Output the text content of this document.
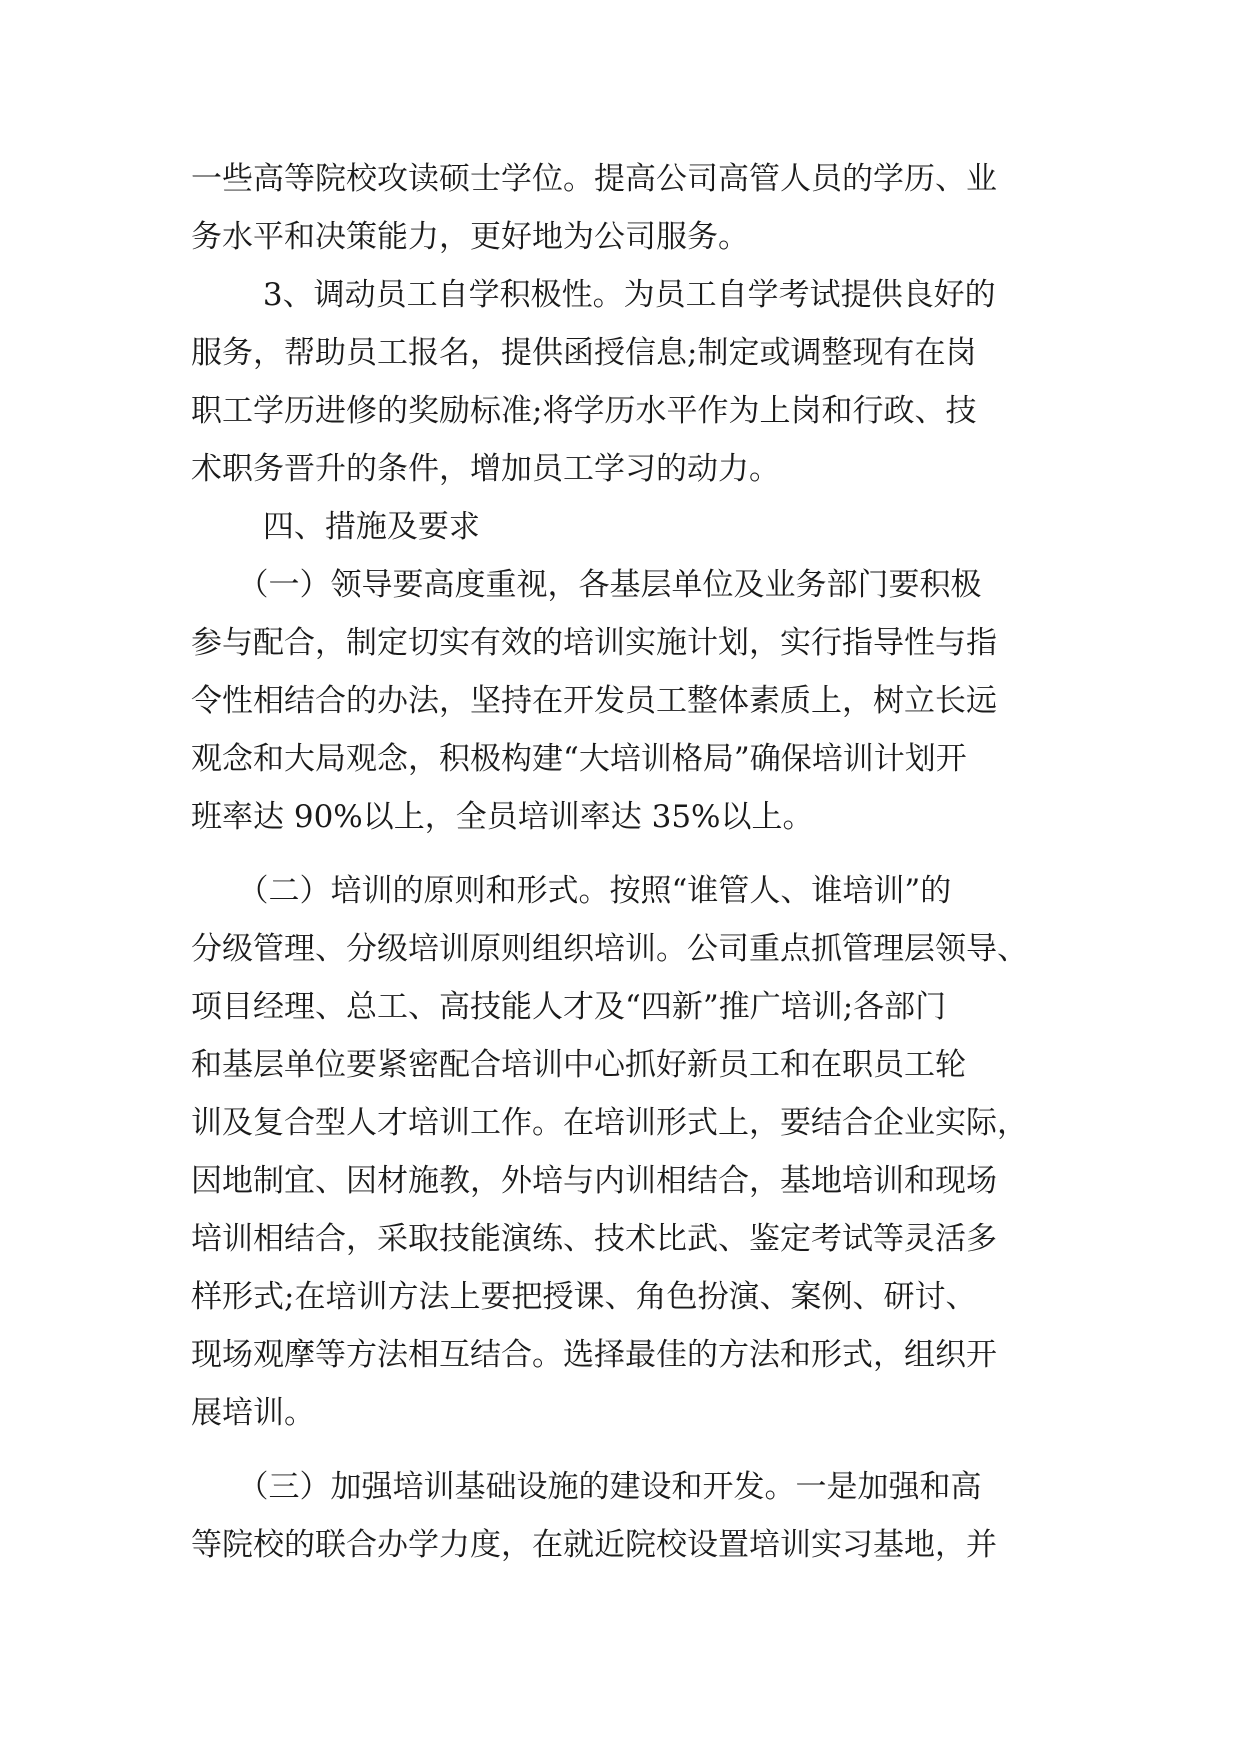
一些高等院校攻读硕士学位。提高公司高管人员的学历、业
务水平和决策能力，更好地为公司服务。
　　 3、调动员工自学积极性。为员工自学考试提供良好的
服务，帮助员工报名，提供函授信息;制定或调整现有在岗
职工学历进修的奖励标准;将学历水平作为上岗和行政、技
术职务晋升的条件，增加员工学习的动力。
　　 四、措施及要求
　　（一）领导要高度重视，各基层单位及业务部门要积极
参与配合，制定切实有效的培训实施计划，实行指导性与指
令性相结合的办法，坚持在开发员工整体素质上，树立长远
观念和大局观念，积极构建“大培训格局”确保培训计划开
班率达 90%以上，全员培训率达 35%以上。
　　（二）培训的原则和形式。按照“谁管人、谁培训”的
分级管理、分级培训原则组织培训。公司重点抓管理层领导、
项目经理、总工、高技能人才及“四新”推广培训;各部门
和基层单位要紧密配合培训中心抓好新员工和在职员工轮
训及复合型人才培训工作。在培训形式上，要结合企业实际，
因地制宜、因材施教，外培与内训相结合，基地培训和现场
培训相结合，采取技能演练、技术比武、鉴定考试等灵活多
样形式;在培训方法上要把授课、角色扮演、案例、研讨、
现场观摩等方法相互结合。选择最佳的方法和形式，组织开
展培训。
　　（三）加强培训基础设施的建设和开发。一是加强和高
等院校的联合办学力度，在就近院校设置培训实习基地，并
